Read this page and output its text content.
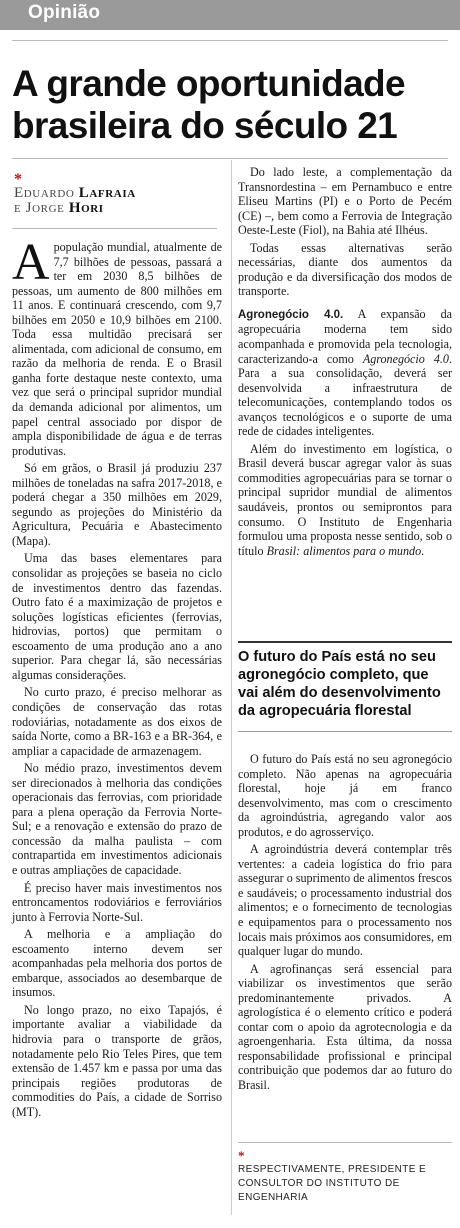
Opinião
A grande oportunidade brasileira do século 21
*
Eduardo Lafraia
e Jorge Hori

Apopulação mundial, atualmente de 7,7 bilhões de pessoas, passará a ter em 2030 8,5 bilhões de pessoas, um aumento de 800 milhões em 11 anos. E continuará crescendo, com 9,7 bilhões em 2050 e 10,9 bilhões em 2100. Toda essa multidão precisará ser alimentada, com adicional de consumo, em razão da melhoria de renda. E o Brasil ganha forte destaque neste contexto, uma vez que será o principal supridor mundial da demanda adicional por alimentos, um papel central associado por dispor de ampla disponibilidade de água e de terras produtivas.

Só em grãos, o Brasil já produziu 237 milhões de toneladas na safra 2017-2018, e poderá chegar a 350 milhões em 2029, segundo as projeções do Ministério da Agricultura, Pecuária e Abastecimento (Mapa).

Uma das bases elementares para consolidar as projeções se baseia no ciclo de investimentos dentro das fazendas. Outro fato é a maximização de projetos e soluções logísticas eficientes (ferrovias, hidrovias, portos) que permitam o escoamento de uma produção ano a ano superior. Para chegar lá, são necessárias algumas considerações.

No curto prazo, é preciso melhorar as condições de conservação das rotas rodoviárias, notadamente as dos eixos de saída Norte, como a BR-163 e a BR-364, e ampliar a capacidade de armazenagem.

No médio prazo, investimentos devem ser direcionados à melhoria das condições operacionais das ferrovias, com prioridade para a plena operação da Ferrovia Norte-Sul; e a renovação e extensão do prazo de concessão da malha paulista – com contrapartida em investimentos adicionais e outras ampliações de capacidade.

É preciso haver mais investimentos nos entroncamentos rodoviários e ferroviários junto à Ferrovia Norte-Sul.

A melhoria e a ampliação do escoamento interno devem ser acompanhadas pela melhoria dos portos de embarque, associados ao desembarque de insumos.

No longo prazo, no eixo Tapajós, é importante avaliar a viabilidade da hidrovia para o transporte de grãos, notadamente pelo Rio Teles Pires, que tem extensão de 1.457 km e passa por uma das principais regiões produtoras de commodities do País, a cidade de Sorriso (MT).

Do lado leste, a complementação da Transnordestina – em Pernambuco e entre Eliseu Martins (PI) e o Porto de Pecém (CE) –, bem como a Ferrovia de Integração Oeste-Leste (Fiol), na Bahia até Ilhéus.

Todas essas alternativas serão necessárias, diante dos aumentos da produção e da diversificação dos modos de transporte.

Agronegócio 4.0. A expansão da agropecuária moderna tem sido acompanhada e promovida pela tecnologia, caracterizando-a como Agronegócio 4.0. Para a sua consolidação, deverá ser desenvolvida a infraestrutura de telecomunicações, contemplando todos os avanços tecnológicos e o suporte de uma rede de cidades inteligentes.

Além do investimento em logística, o Brasil deverá buscar agregar valor às suas commodities agropecuárias para se tornar o principal supridor mundial de alimentos saudáveis, prontos ou semiprontos para consumo. O Instituto de Engenharia formulou uma proposta nesse sentido, sob o título Brasil: alimentos para o mundo.

O futuro do País está no seu agronegócio completo, que vai além do desenvolvimento da agropecuária florestal

O futuro do País está no seu agronegócio completo. Não apenas na agropecuária florestal, hoje já em franco desenvolvimento, mas com o crescimento da agroindústria, agregando valor aos produtos, e do agrosserviço.

A agroindústria deverá contemplar três vertentes: a cadeia logística do frio para assegurar o suprimento de alimentos frescos e saudáveis; o processamento industrial dos alimentos; e o fornecimento de tecnologias e equipamentos para o processamento nos locais mais próximos aos consumidores, em qualquer lugar do mundo.

A agrofinanças será essencial para viabilizar os investimentos que serão predominantemente privados. A agrologística é o elemento crítico e poderá contar com o apoio da agrotecnologia e da agroengenharia. Esta última, da nossa responsabilidade profissional e principal contribuição que podemos dar ao futuro do Brasil.

*
RESPECTIVAMENTE, PRESIDENTE E CONSULTOR DO INSTITUTO DE ENGENHARIA
